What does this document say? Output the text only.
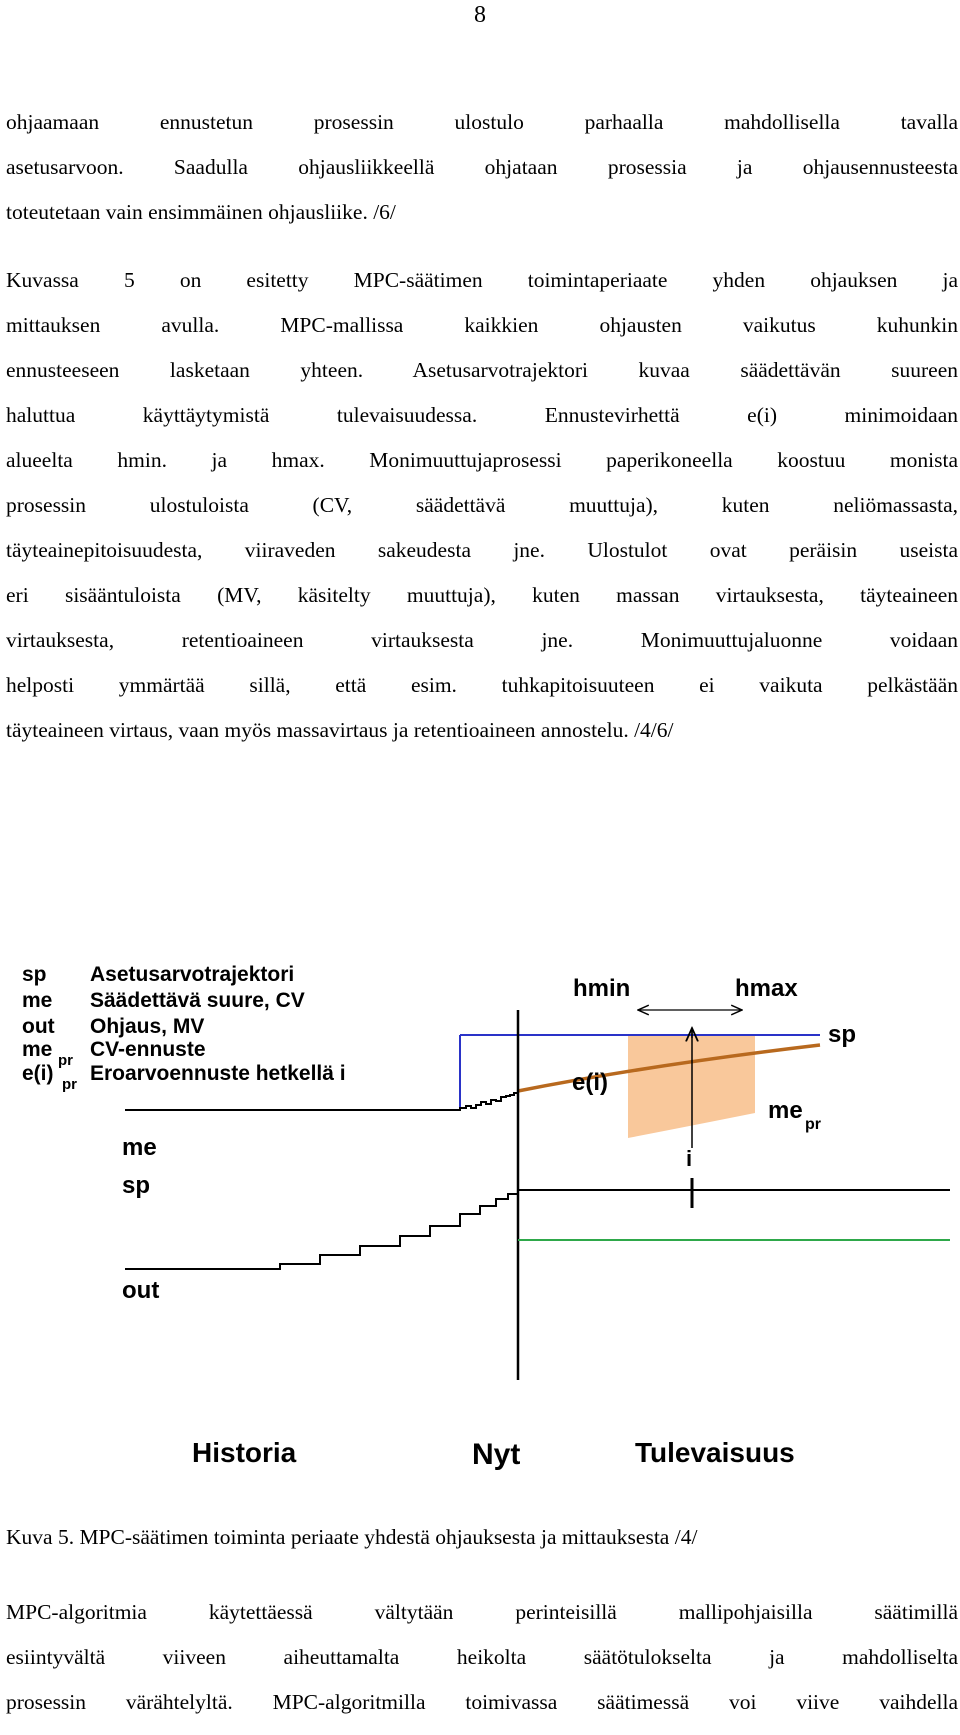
8
ohjaamaan ennustetun prosessin ulostulo parhaalla mahdollisella tavalla
asetusarvoon. Saadulla ohjausliikkeellä ohjataan prosessia ja ohjausennusteesta
toteutetaan vain ensimmäinen ohjausliike. /6/
Kuvassa 5 on esitetty MPC-säätimen toimintaperiaate yhden ohjauksen ja
mittauksen avulla. MPC-mallissa kaikkien ohjausten vaikutus kuhunkin
ennusteeseen lasketaan yhteen. Asetusarvotrajektori kuvaa säädettävän suureen
haluttua käyttäytymistä tulevaisuudessa. Ennustevirhettä e(i) minimoidaan
alueelta hmin. ja hmax. Monimuuttujaprosessi paperikoneella koostuu monista
prosessin ulostuloista (CV, säädettävä muuttuja), kuten neliömassasta,
täyteainepitoisuudesta, viiraveden sakeudesta jne. Ulostulot ovat peräisin useista
eri sisääntuloista (MV, käsitelty muuttuja), kuten massan virtauksesta, täyteaineen
virtauksesta, retentioaineen virtauksesta jne. Monimuuttujaluonne voidaan
helposti ymmärtää sillä, että esim. tuhkapitoisuuteen ei vaikuta pelkästään
täyteaineen virtaus, vaan myös massavirtaus ja retentioaineen annostelu. /4/6/
sp Asetusarvotrajektori
me Säädettävä suure, CV
out Ohjaus, MV
me pr CV-ennuste
e(i) pr Eroarvoennuste hetkellä i
hmin	hmax
sp
e(i)
me
pr
me
sp
i
out
Historia	Nyt	Tulevaisuus
Kuva 5. MPC-säätimen toiminta periaate yhdestä ohjauksesta ja mittauksesta /4/
MPC-algoritmia käytettäessä vältytään perinteisillä mallipohjaisilla säätimillä
esiintyvältä viiveen aiheuttamalta heikolta säätötulokselta ja mahdolliselta
prosessin värähtelyltä. MPC-algoritmilla toimivassa säätimessä voi viive vaihdella
